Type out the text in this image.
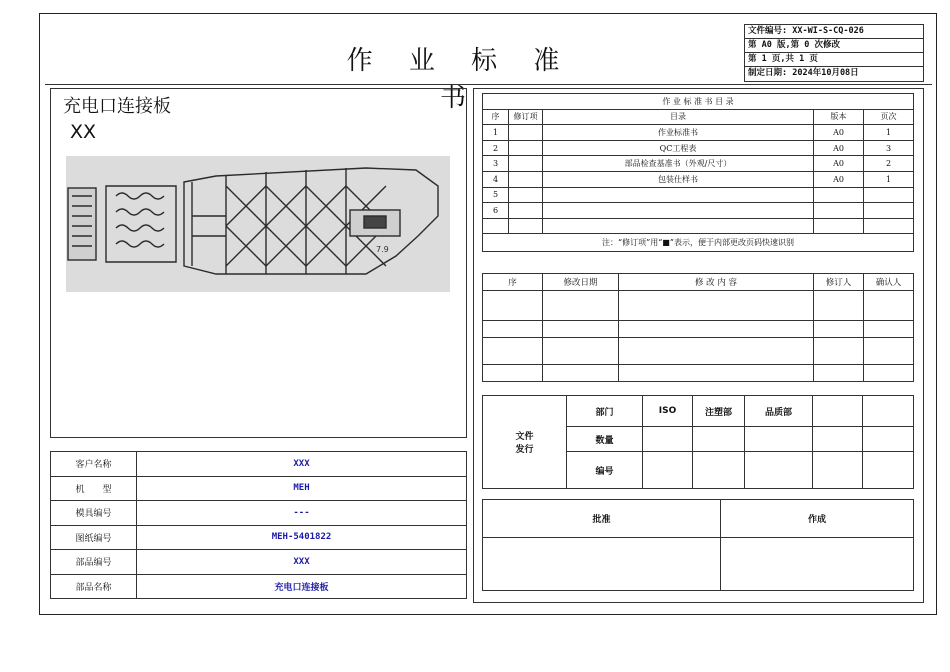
作 业 标 准 书
文件编号: XX-WI-S-CQ-026
第 A0 版,第 0 次修改
第 1 页,共 1 页
制定日期: 2024年10月08日
充电口连接板
XX
7.9
客户名称	XXX
机　　型	MEH
模具编号	---
图纸编号	MEH-5401822
部品编号	XXX
部品名称	充电口连接板
作 业 标 准 书 目 录				
序	修订项	目录	版本	页次
1		作业标准书	A0	1
2		QC工程表	A0	3
3		部品检查基准书（外观/尺寸）	A0	2
4		包装仕样书	A0	1
5				
6				

注：“修订项”用“■”表示，便于内部更改页码快速识别				
序	修改日期	修 改 内 容	修订人	确认人

文件
发行	部门	ISO	注塑部	品质部		
	数量					
	编号					
批准	作成
